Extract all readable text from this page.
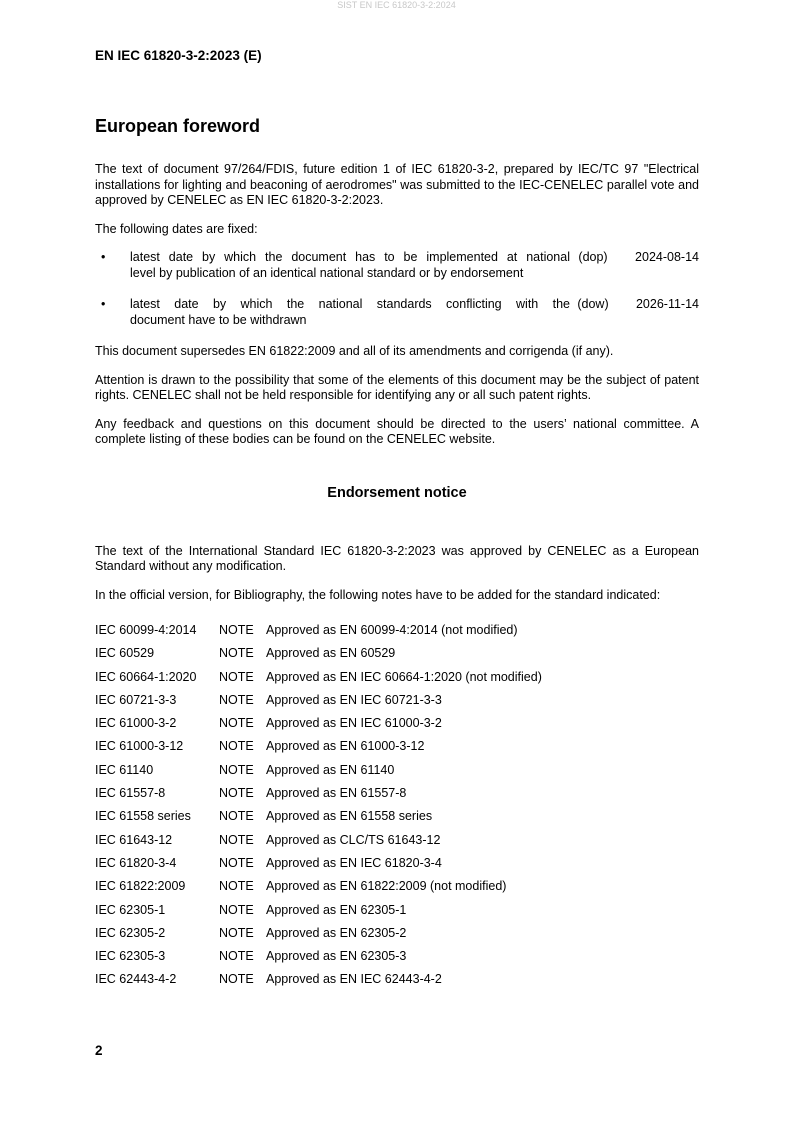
SIST EN IEC 61820-3-2:2024
EN IEC 61820-3-2:2023 (E)
European foreword

The text of document 97/264/FDIS, future edition 1 of IEC 61820-3-2, prepared by IEC/TC 97 "Electrical installations for lighting and beaconing of aerodromes" was submitted to the IEC-CENELEC parallel vote and approved by CENELEC as EN IEC 61820-3-2:2023.

The following dates are fixed:

•	latest date by which the document has to be implemented at national
level by publication of an identical national standard or by endorsement
(dop)	2024-08-14
•	latest date by which the national standards conflicting with the
document have to be withdrawn
(dow)	2026-11-14

This document supersedes EN 61822:2009 and all of its amendments and corrigenda (if any).

Attention is drawn to the possibility that some of the elements of this document may be the subject of patent rights. CENELEC shall not be held responsible for identifying any or all such patent rights.

Any feedback and questions on this document should be directed to the users’ national committee. A complete listing of these bodies can be found on the CENELEC website.

Endorsement notice

The text of the International Standard IEC 61820-3-2:2023 was approved by CENELEC as a European Standard without any modification.

In the official version, for Bibliography, the following notes have to be added for the standard indicated:

IEC 60099-4:2014	NOTE	Approved as EN 60099-4:2014 (not modified)
IEC 60529	NOTE	Approved as EN 60529
IEC 60664-1:2020	NOTE	Approved as EN IEC 60664-1:2020 (not modified)
IEC 60721-3-3	NOTE	Approved as EN IEC 60721-3-3
IEC 61000-3-2	NOTE	Approved as EN IEC 61000-3-2
IEC 61000-3-12	NOTE	Approved as EN 61000-3-12
IEC 61140	NOTE	Approved as EN 61140
IEC 61557-8	NOTE	Approved as EN 61557-8
IEC 61558 series	NOTE	Approved as EN 61558 series
IEC 61643-12	NOTE	Approved as CLC/TS 61643-12
IEC 61820-3-4	NOTE	Approved as EN IEC 61820-3-4
IEC 61822:2009	NOTE	Approved as EN 61822:2009 (not modified)
IEC 62305-1	NOTE	Approved as EN 62305-1
IEC 62305-2	NOTE	Approved as EN 62305-2
IEC 62305-3	NOTE	Approved as EN 62305-3
IEC 62443-4-2	NOTE	Approved as EN IEC 62443-4-2
2
